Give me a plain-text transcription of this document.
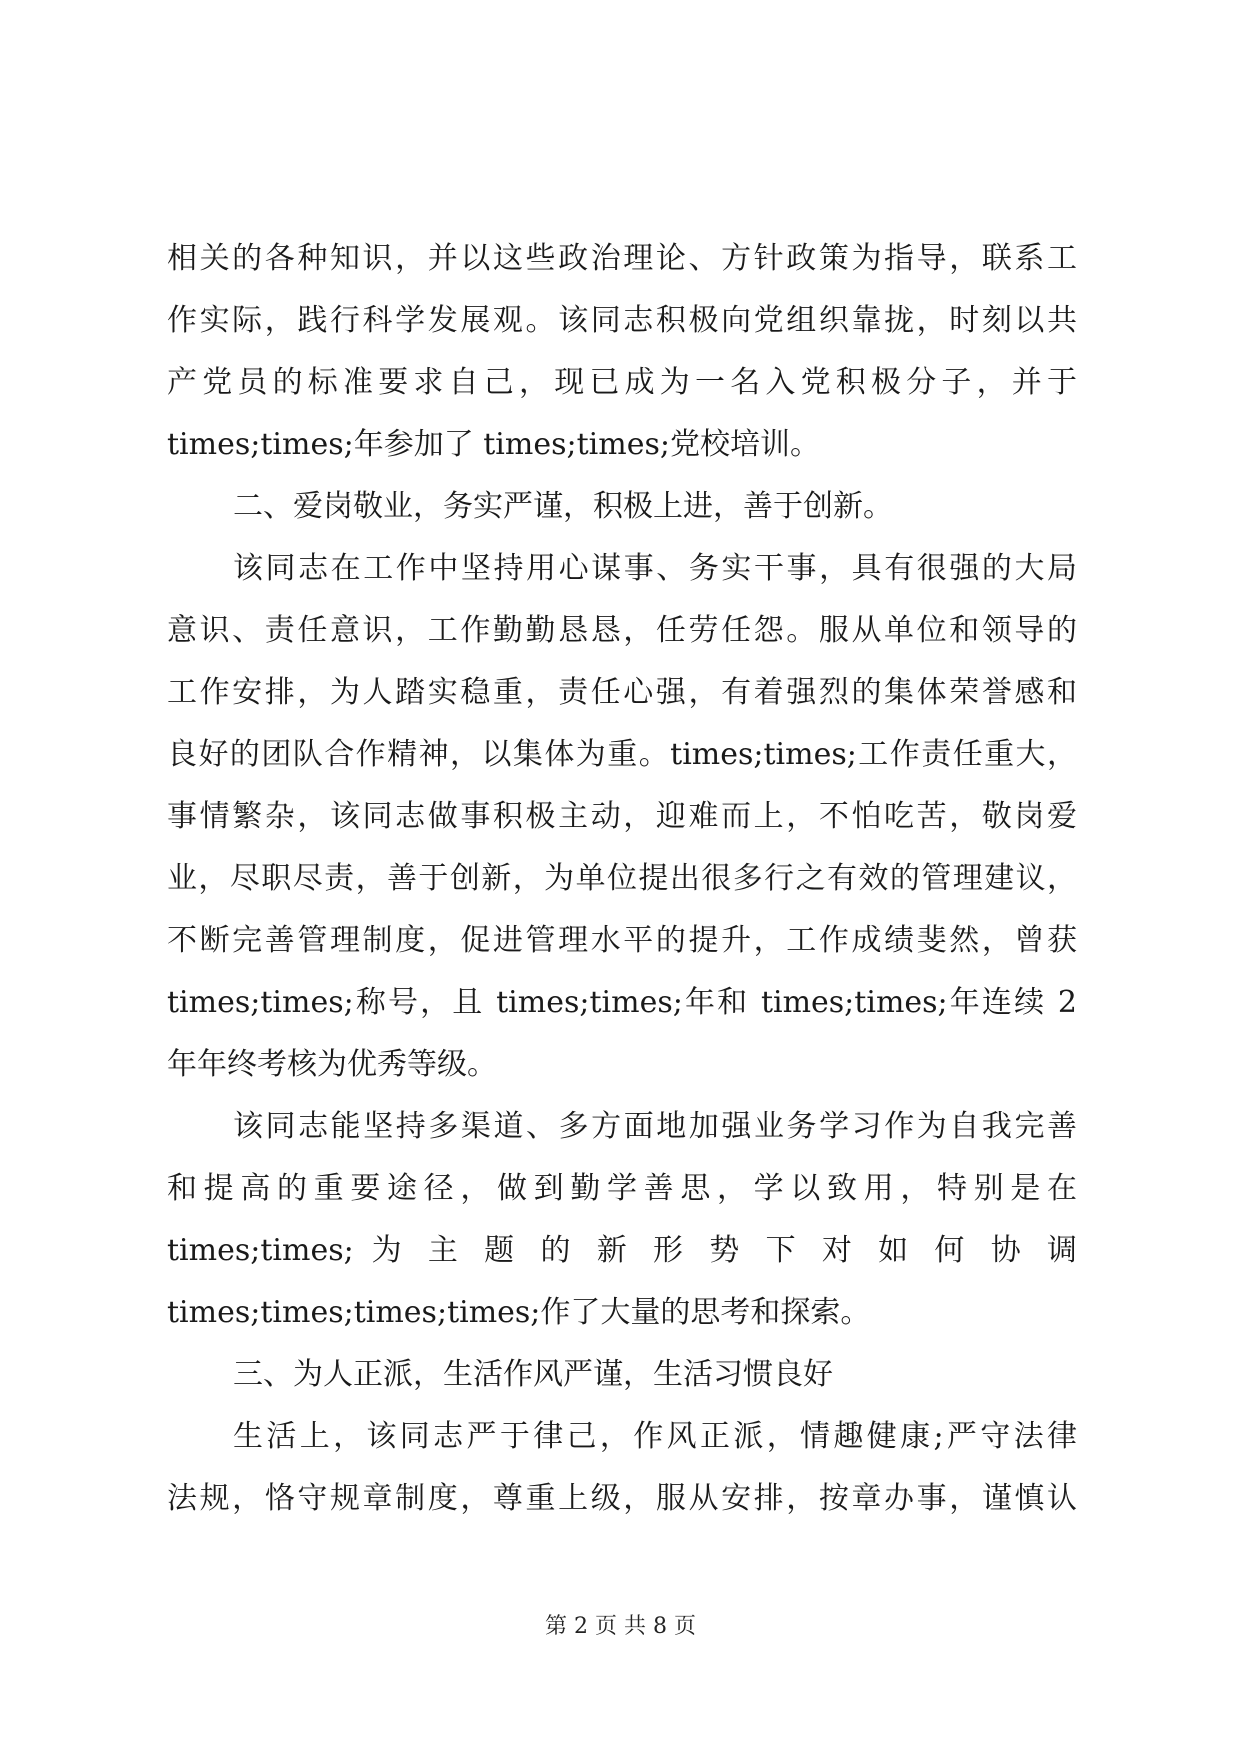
相关的各种知识，并以这些政治理论、方针政策为指导，联系工
作实际，践行科学发展观。该同志积极向党组织靠拢，时刻以共
产党员的标准要求自己，现已成为一名入党积极分子，并于
times;times;年参加了 times;times;党校培训。
二、爱岗敬业，务实严谨，积极上进，善于创新。
该同志在工作中坚持用心谋事、务实干事，具有很强的大局
意识、责任意识，工作勤勤恳恳，任劳任怨。服从单位和领导的
工作安排，为人踏实稳重，责任心强，有着强烈的集体荣誉感和
良好的团队合作精神，以集体为重。times;times;工作责任重大，
事情繁杂，该同志做事积极主动，迎难而上，不怕吃苦，敬岗爱
业，尽职尽责，善于创新，为单位提出很多行之有效的管理建议，
不断完善管理制度，促进管理水平的提升，工作成绩斐然，曾获
times;times;称号，且 times;times;年和 times;times;年连续 2
年年终考核为优秀等级。
该同志能坚持多渠道、多方面地加强业务学习作为自我完善
和提高的重要途径，做到勤学善思，学以致用，特别是在
times;times; 为 主 题 的 新 形 势 下 对 如 何 协 调
times;times;times;times;作了大量的思考和探索。
三、为人正派，生活作风严谨，生活习惯良好
生活上，该同志严于律己，作风正派，情趣健康;严守法律
法规，恪守规章制度，尊重上级，服从安排，按章办事，谨慎认
第 2 页 共 8 页
